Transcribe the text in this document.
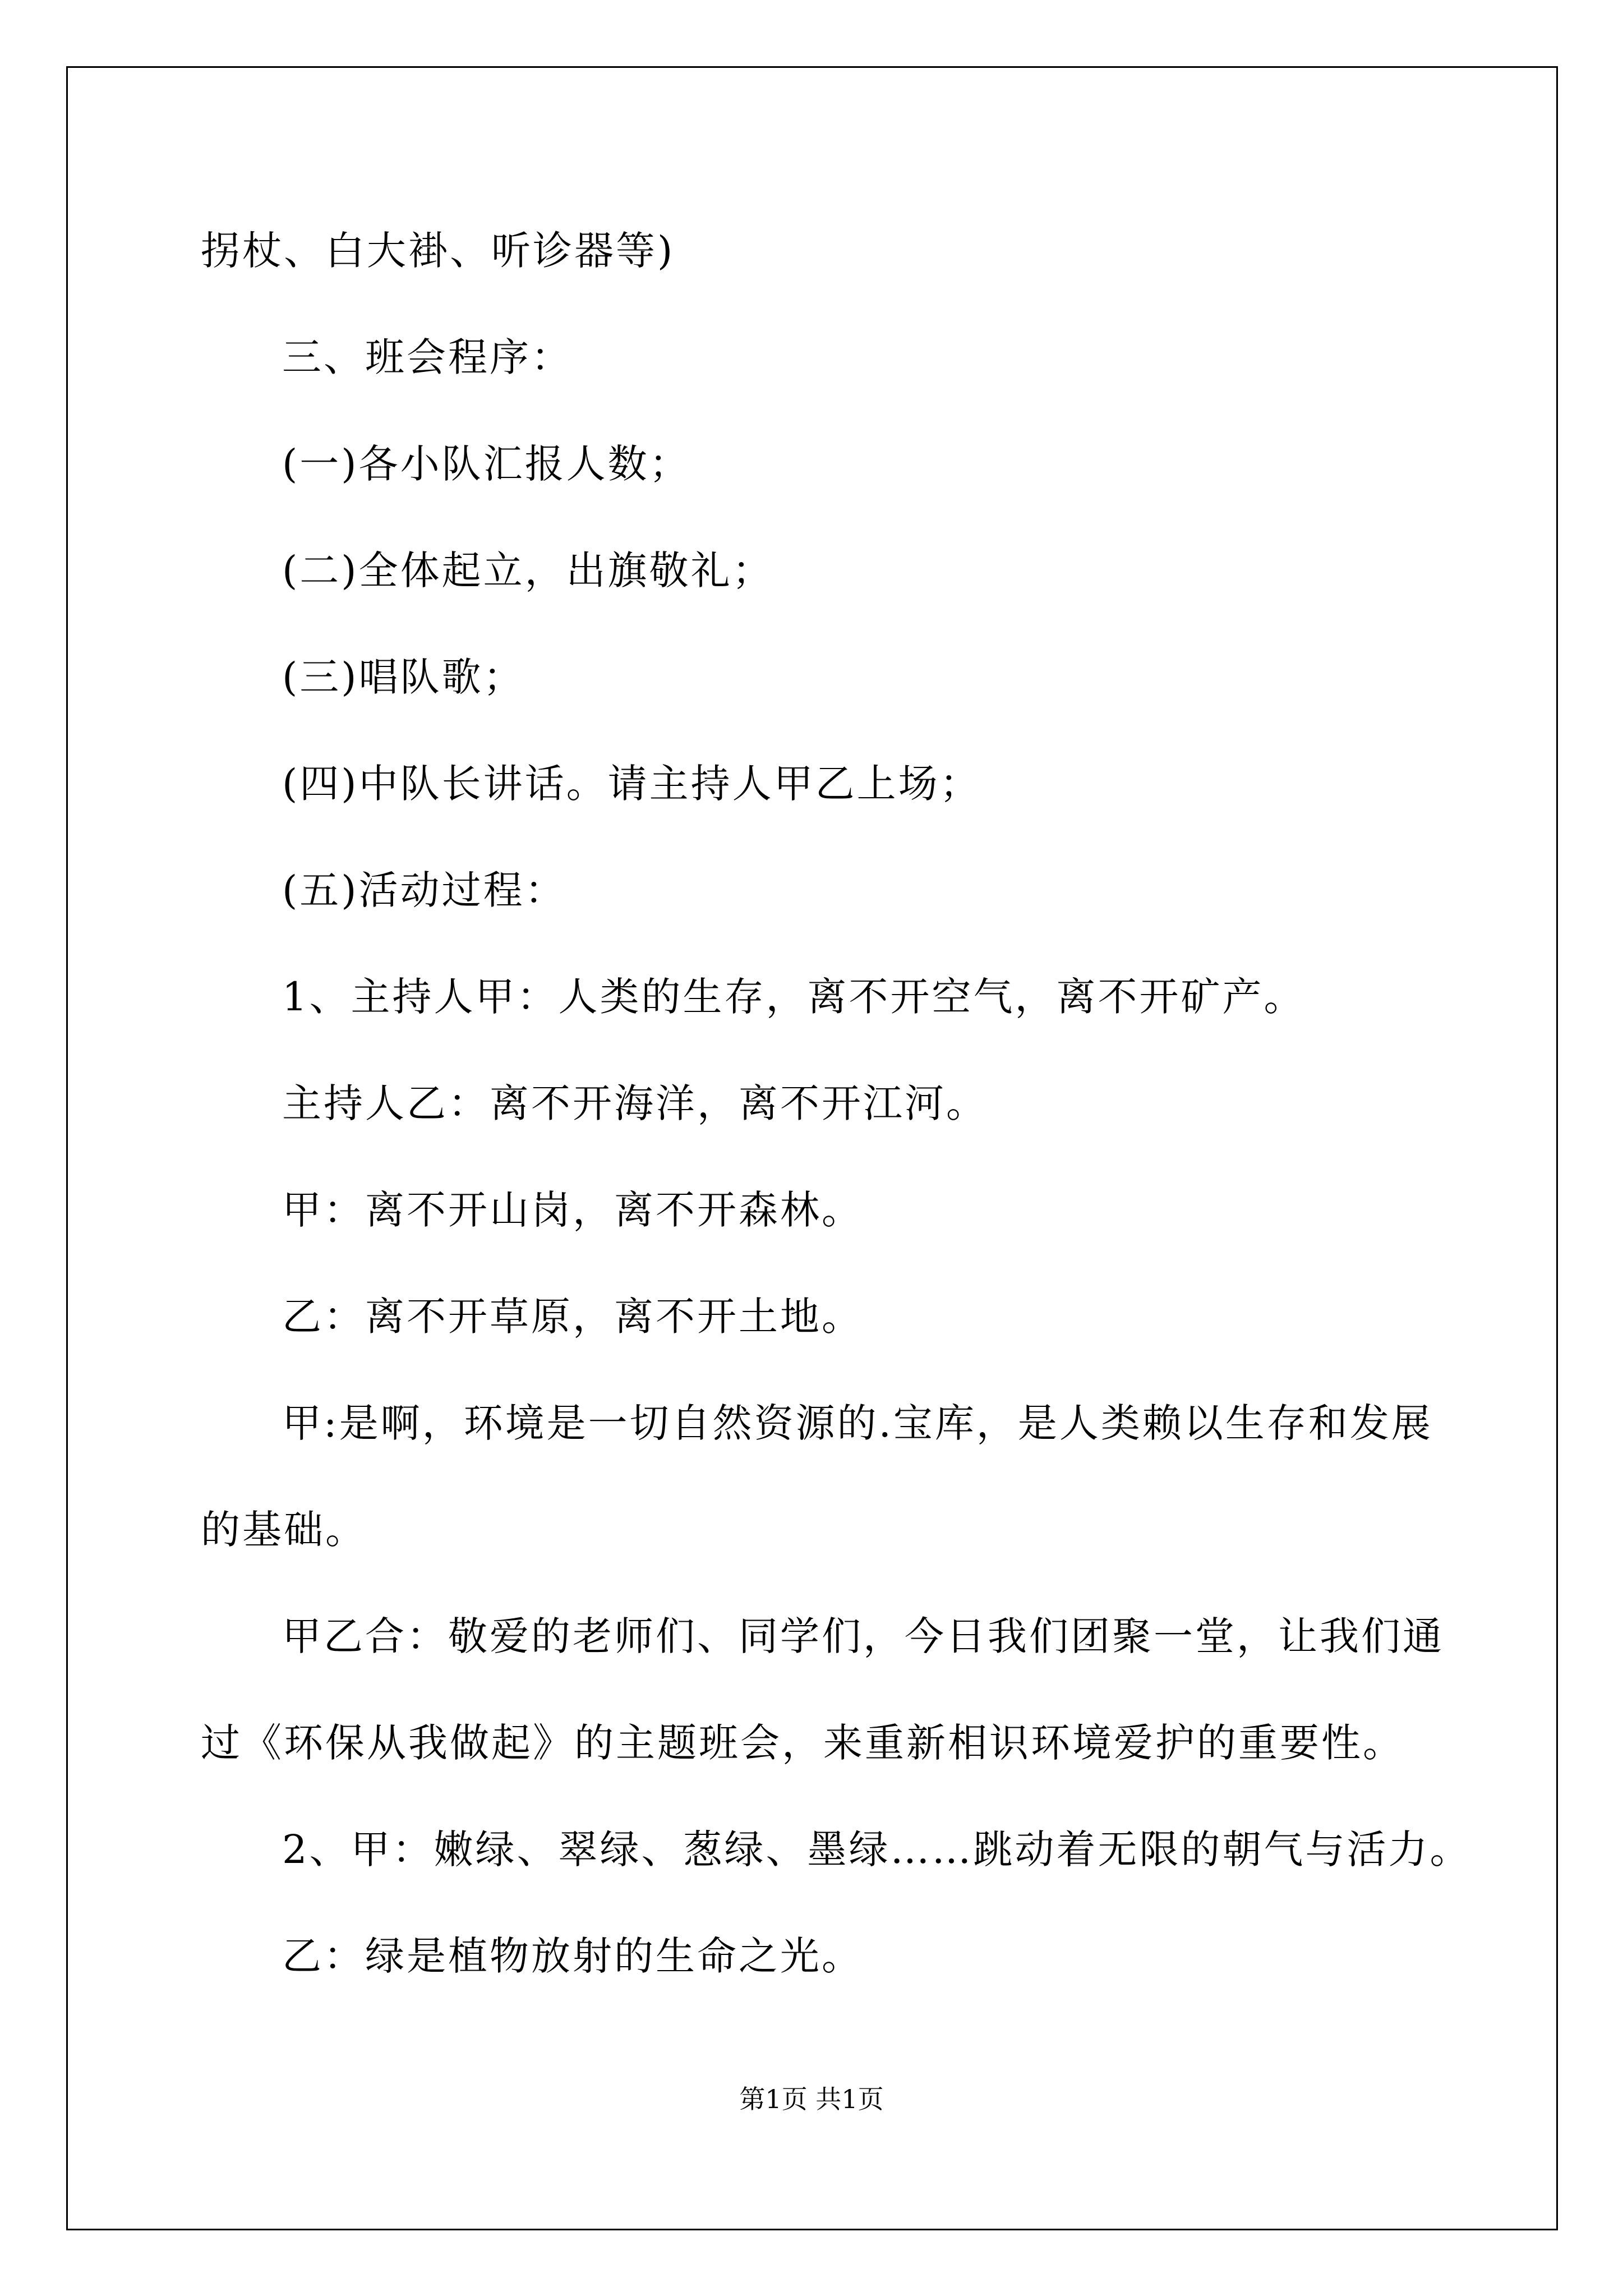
拐杖、白大褂、听诊器等)
三、班会程序：
(一)各小队汇报人数；
(二)全体起立，出旗敬礼；
(三)唱队歌；
(四)中队长讲话。请主持人甲乙上场；
(五)活动过程：
1、主持人甲：人类的生存，离不开空气，离不开矿产。
主持人乙：离不开海洋，离不开江河。
甲：离不开山岗，离不开森林。
乙：离不开草原，离不开土地。
甲:是啊，环境是一切自然资源的.宝库，是人类赖以生存和发展
的基础。
甲乙合：敬爱的老师们、同学们，今日我们团聚一堂，让我们通
过《环保从我做起》的主题班会，来重新相识环境爱护的重要性。
2、甲：嫩绿、翠绿、葱绿、墨绿……跳动着无限的朝气与活力。
乙：绿是植物放射的生命之光。
第1页 共1页
